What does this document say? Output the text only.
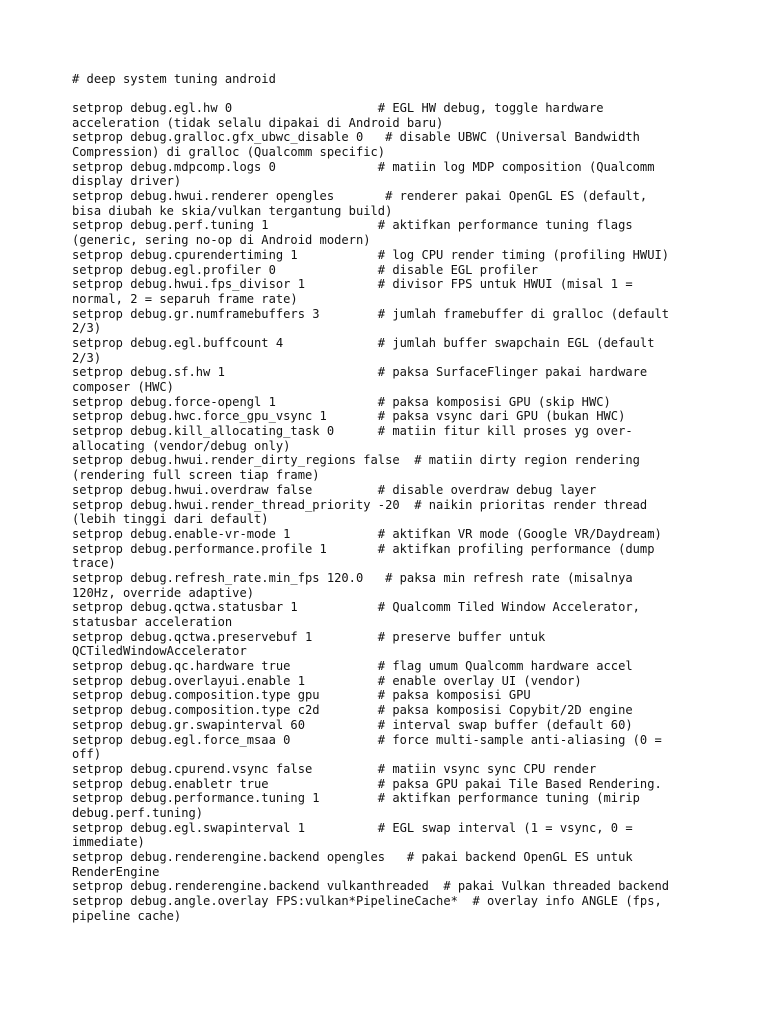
# deep system tuning android
setprop debug.egl.hw 0                    # EGL HW debug, toggle hardware
acceleration (tidak selalu dipakai di Android baru)
setprop debug.gralloc.gfx_ubwc_disable 0   # disable UBWC (Universal Bandwidth
Compression) di gralloc (Qualcomm specific)
setprop debug.mdpcomp.logs 0              # matiin log MDP composition (Qualcomm
display driver)
setprop debug.hwui.renderer opengles       # renderer pakai OpenGL ES (default,
bisa diubah ke skia/vulkan tergantung build)
setprop debug.perf.tuning 1               # aktifkan performance tuning flags
(generic, sering no-op di Android modern)
setprop debug.cpurendertiming 1           # log CPU render timing (profiling HWUI)
setprop debug.egl.profiler 0              # disable EGL profiler
setprop debug.hwui.fps_divisor 1          # divisor FPS untuk HWUI (misal 1 =
normal, 2 = separuh frame rate)
setprop debug.gr.numframebuffers 3        # jumlah framebuffer di gralloc (default
2/3)
setprop debug.egl.buffcount 4             # jumlah buffer swapchain EGL (default
2/3)
setprop debug.sf.hw 1                     # paksa SurfaceFlinger pakai hardware
composer (HWC)
setprop debug.force-opengl 1              # paksa komposisi GPU (skip HWC)
setprop debug.hwc.force_gpu_vsync 1       # paksa vsync dari GPU (bukan HWC)
setprop debug.kill_allocating_task 0      # matiin fitur kill proses yg over-
allocating (vendor/debug only)
setprop debug.hwui.render_dirty_regions false  # matiin dirty region rendering
(rendering full screen tiap frame)
setprop debug.hwui.overdraw false         # disable overdraw debug layer
setprop debug.hwui.render_thread_priority -20  # naikin prioritas render thread
(lebih tinggi dari default)
setprop debug.enable-vr-mode 1            # aktifkan VR mode (Google VR/Daydream)
setprop debug.performance.profile 1       # aktifkan profiling performance (dump
trace)
setprop debug.refresh_rate.min_fps 120.0   # paksa min refresh rate (misalnya
120Hz, override adaptive)
setprop debug.qctwa.statusbar 1           # Qualcomm Tiled Window Accelerator,
statusbar acceleration
setprop debug.qctwa.preservebuf 1         # preserve buffer untuk
QCTiledWindowAccelerator
setprop debug.qc.hardware true            # flag umum Qualcomm hardware accel
setprop debug.overlayui.enable 1          # enable overlay UI (vendor)
setprop debug.composition.type gpu        # paksa komposisi GPU
setprop debug.composition.type c2d        # paksa komposisi Copybit/2D engine
setprop debug.gr.swapinterval 60          # interval swap buffer (default 60)
setprop debug.egl.force_msaa 0            # force multi-sample anti-aliasing (0 =
off)
setprop debug.cpurend.vsync false         # matiin vsync sync CPU render
setprop debug.enabletr true               # paksa GPU pakai Tile Based Rendering.
setprop debug.performance.tuning 1        # aktifkan performance tuning (mirip
debug.perf.tuning)
setprop debug.egl.swapinterval 1          # EGL swap interval (1 = vsync, 0 =
immediate)
setprop debug.renderengine.backend opengles   # pakai backend OpenGL ES untuk
RenderEngine
setprop debug.renderengine.backend vulkanthreaded  # pakai Vulkan threaded backend
setprop debug.angle.overlay FPS:vulkan*PipelineCache*  # overlay info ANGLE (fps,
pipeline cache)
